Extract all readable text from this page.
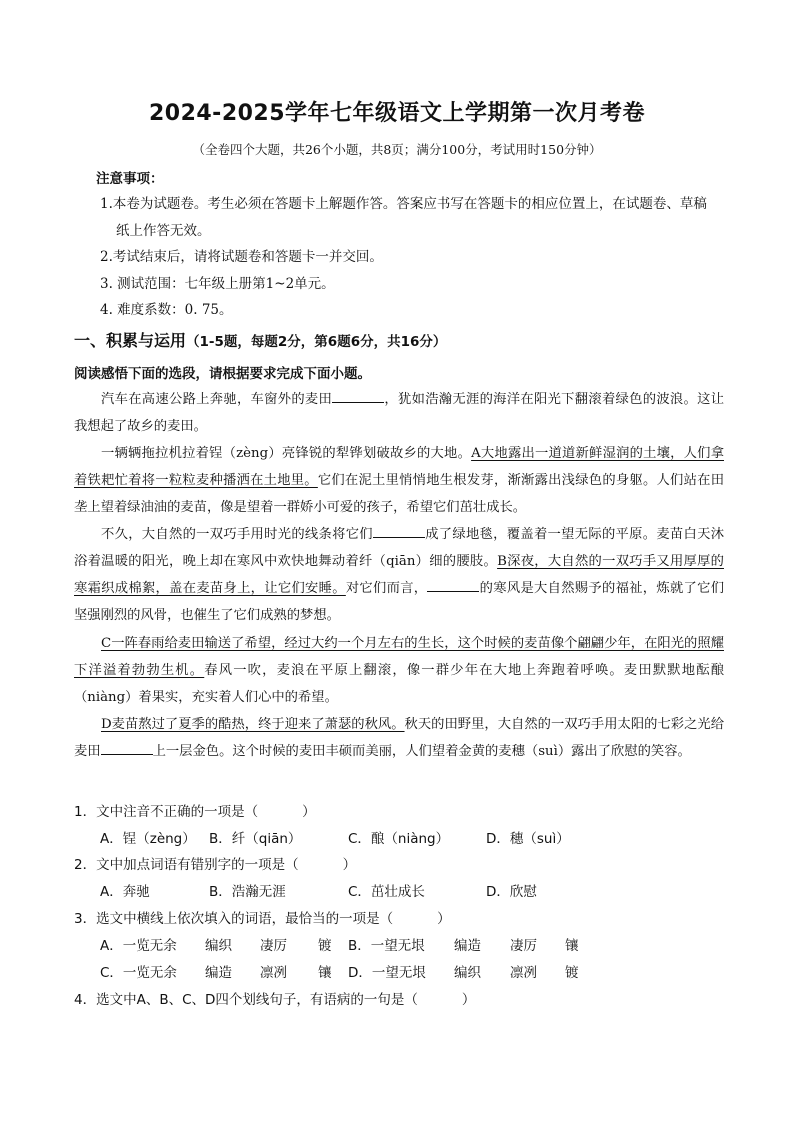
2024-2025学年七年级语文上学期第一次月考卷
（全卷四个大题，共26个小题，共8页；满分100分，考试用时150分钟）
注意事项：
1.本卷为试题卷。考生必须在答题卡上解题作答。答案应书写在答题卡的相应位置上，在试题卷、草稿
纸上作答无效。
2.考试结束后，请将试题卷和答题卡一并交回。
3. 测试范围：七年级上册第1~2单元。
4. 难度系数：0. 75。
一、积累与运用（1-5题，每题2分，第6题6分，共16分）
阅读感悟下面的选段，请根据要求完成下面小题。
汽车在高速公路上奔驰，车窗外的麦田	，犹如浩瀚无涯的海洋在阳光下翻滚着绿色的波浪。这让我想起了故乡的麦田。
一辆辆拖拉机拉着锃（zèng）亮锋锐的犁铧划破故乡的大地。A大地露出一道道新鲜湿润的土壤，人们拿着铁耙忙着将一粒粒麦种播洒在土地里。它们在泥土里悄悄地生根发芽，渐渐露出浅绿色的身躯。人们站在田垄上望着绿油油的麦苗，像是望着一群娇小可爱的孩子，希望它们茁壮成长。
不久，大自然的一双巧手用时光的线条将它们	成了绿地毯，覆盖着一望无际的平原。麦苗白天沐浴着温暖的阳光，晚上却在寒风中欢快地舞动着纤（qiān）细的腰肢。B深夜，大自然的一双巧手又用厚厚的寒霜织成棉絮，盖在麦苗身上，让它们安睡。对它们而言，	的寒风是大自然赐予的福祉，炼就了它们坚强刚烈的风骨，也催生了它们成熟的梦想。
C一阵春雨给麦田输送了希望，经过大约一个月左右的生长，这个时候的麦苗像个翩翩少年，在阳光的照耀下洋溢着勃勃生机。春风一吹，麦浪在平原上翻滚，像一群少年在大地上奔跑着呼唤。麦田默默地酝酿（niàng）着果实，充实着人们心中的希望。
D麦苗熬过了夏季的酷热，终于迎来了萧瑟的秋风。秋天的田野里，大自然的一双巧手用太阳的七彩之光给麦田	上一层金色。这个时候的麦田丰硕而美丽，人们望着金黄的麦穗（suì）露出了欣慰的笑容。
1．文中注音不正确的一项是（	）
A．锃（zèng） B．纤（qiān）	C．酿（niàng）	D．穗（suì）
2．文中加点词语有错别字的一项是（	）
A．奔驰	B．浩瀚无涯	C．茁壮成长	D．欣慰
3．选文中横线上依次填入的词语，最恰当的一项是（	）
A．一览无余 编织 凄厉 镀 B．一望无垠 编造 凄厉 镶
C．一览无余 编造 凛冽 镶 D．一望无垠 编织 凛冽 镀
4．选文中A、B、C、D四个划线句子，有语病的一句是（	）
